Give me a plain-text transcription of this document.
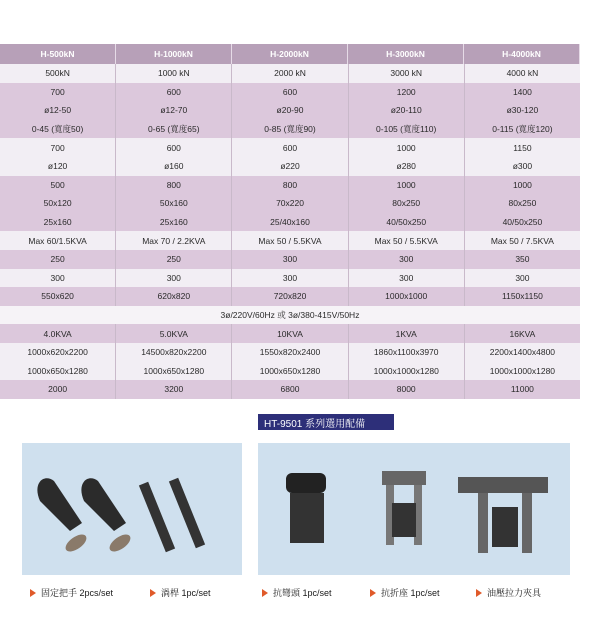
H-500kN	H-1000kN	H-2000kN	H-3000kN	H-4000kN
500kN	1000 kN	2000 kN	3000 kN	4000 kN
700	600	600	1200	1400
ø12-50	ø12-70	ø20-90	ø20-110	ø30-120
0-45 (寬度50)	0-65 (寬度65)	0-85 (寬度90)	0-105 (寬度110)	0-115 (寬度120)
700	600	600	1000	1150
ø120	ø160	ø220	ø280	ø300
500	800	800	1000	1000
50x120	50x160	70x220	80x250	80x250
25x160	25x160	25/40x160	40/50x250	40/50x250
Max 60/1.5KVA	Max 70 / 2.2KVA	Max 50 / 5.5KVA	Max 50 / 5.5KVA	Max 50 / 7.5KVA
250	250	300	300	350
300	300	300	300	300
550x620	620x820	720x820	1000x1000	1150x1150
3ø/220V/60Hz 或 3ø/380-415V/50Hz
4.0KVA	5.0KVA	10KVA	1KVA	16KVA
1000x620x2200	14500x820x2200	1550x820x2400	1860x1100x3970	2200x1400x4800
1000x650x1280	1000x650x1280	1000x650x1280	1000x1000x1280	1000x1000x1280
2000	3200	6800	8000	11000
HT-9501 系列選用配備
固定把手 2pcs/set	渦桿 1pc/set	抗彎頭 1pc/set	抗折座 1pc/set	油壓拉力夾具
